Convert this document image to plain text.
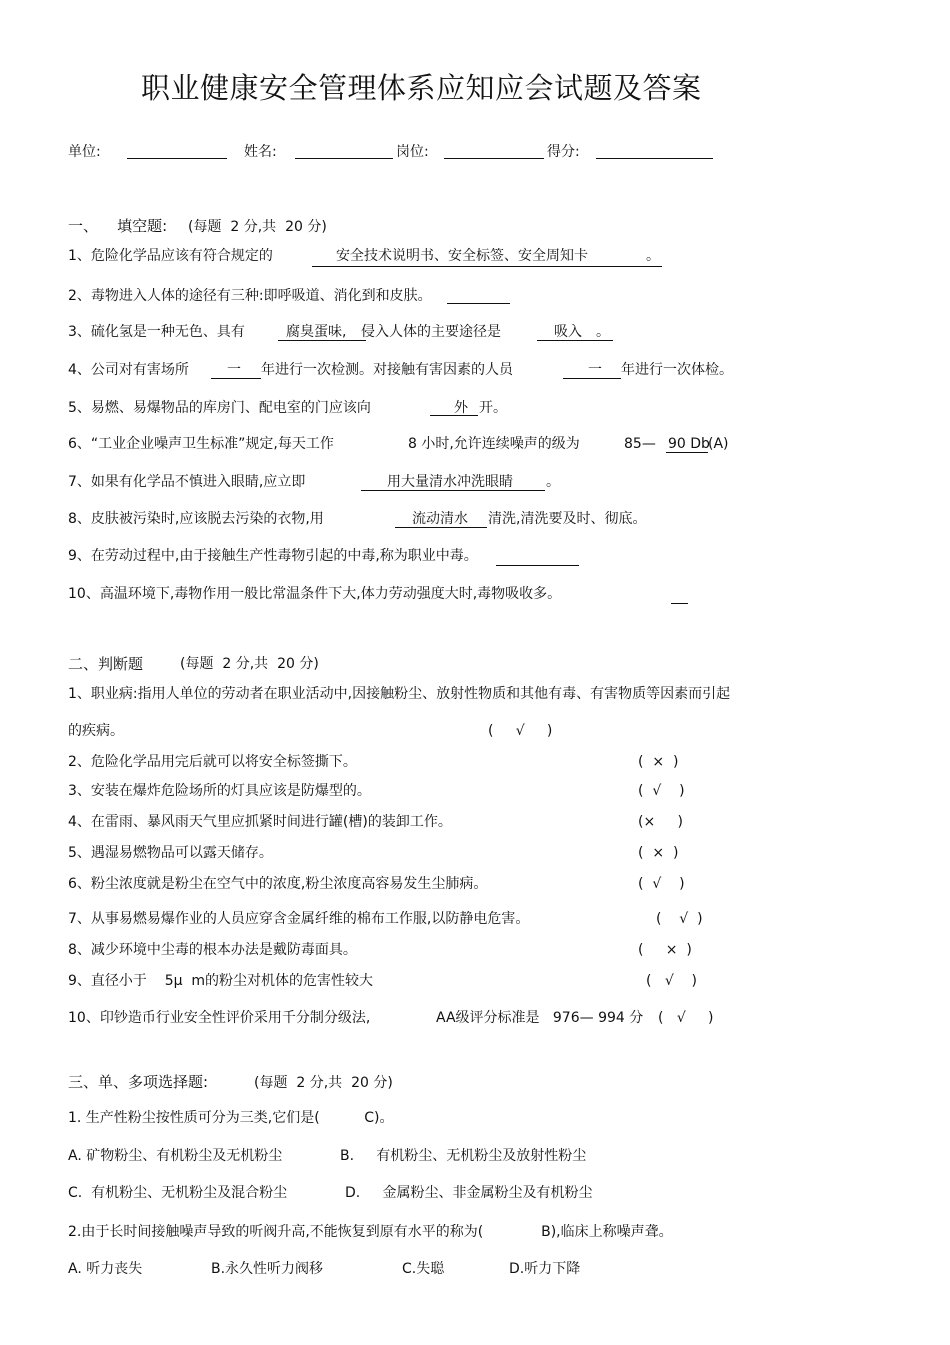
职业健康安全管理体系应知应会试题及答案
单位:	姓名:	岗位:	得分:
一、    填空题: (每题  2 分,共  20 分)
1、危险化学品应该有符合规定的	安全技术说明书、安全标签、安全周知卡	。
2、毒物进入人体的途径有三种:即呼吸道、消化到和皮肤。
3、硫化氢是一种无色、具有	腐臭蛋味, 侵入人体的主要途径是	吸入 。
4、公司对有害场所	一 年进行一次检测。对接触有害因素的人员	一 年进行一次体检。
5、易燃、易爆物品的库房门、配电室的门应该向	外 开。
6、“工业企业噪声卫生标准”规定,每天工作	8 小时,允许连续噪声的级为	85— 90 Db
(A)
7、如果有化学品不慎进入眼睛,应立即	用大量清水冲洗眼睛 。
8、皮肤被污染时,应该脱去污染的衣物,用	流动清水 清洗,清洗要及时、彻底。
9、在劳动过程中,由于接触生产性毒物引起的中毒,称为职业中毒。
10、高温环境下,毒物作用一般比常温条件下大,体力劳动强度大时,毒物吸收多。
二、判断题	(每题  2 分,共  20 分)
1、职业病:指用人单位的劳动者在职业活动中,因接触粉尘、放射性物质和其他有毒、有害物质等因素而引起
的疾病。	(     √     )
2、危险化学品用完后就可以将安全标签撕下。	(  ×  )
3、安装在爆炸危险场所的灯具应该是防爆型的。	(  √    )
4、在雷雨、暴风雨天气里应抓紧时间进行罐(槽)的装卸工作。	(×     )
5、遇湿易燃物品可以露天储存。	(  ×  )
6、粉尘浓度就是粉尘在空气中的浓度,粉尘浓度高容易发生尘肺病。	(  √    )
7、从事易燃易爆作业的人员应穿含金属纤维的棉布工作服,以防静电危害。	(    √  )
8、减少环境中尘毒的根本办法是戴防毒面具。	(     ×  )
9、直径小于    5μ  m的粉尘对机体的危害性较大	(   √    )
10、印钞造币行业安全性评价采用千分制分级法,	AA级评分标准是   976— 994 分 (   √     )
三、单、多项选择题:	(每题  2 分,共  20 分)
1. 生产性粉尘按性质可分为三类,它们是(          C)。
A. 矿物粉尘、有机粉尘及无机粉尘	B.     有机粉尘、无机粉尘及放射性粉尘
C.  有机粉尘、无机粉尘及混合粉尘	D.     金属粉尘、非金属粉尘及有机粉尘
2.由于长时间接触噪声导致的听阀升高,不能恢复到原有水平的称为(             B),临床上称噪声聋。
A. 听力丧失	B.永久性听力阀移	C.失聪	D.听力下降
